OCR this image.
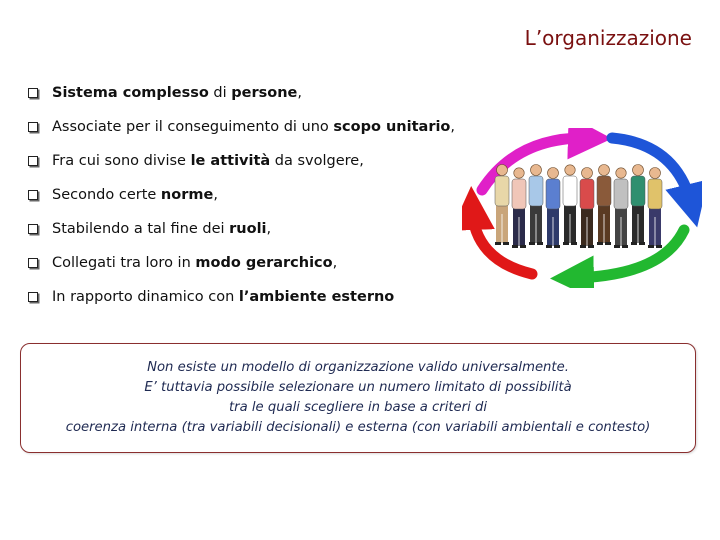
L’organizzazione
Sistema complesso di persone,
Associate per il conseguimento di uno scopo unitario,
Fra cui sono divise le attività da svolgere,
Secondo certe norme,
Stabilendo a tal fine dei ruoli,
Collegati tra loro in modo gerarchico,
In rapporto dinamico con l’ambiente esterno
Non esiste un modello di organizzazione valido universalmente.
E’ tuttavia possibile selezionare un numero limitato di possibilità
tra le quali scegliere in base a criteri di
coerenza interna (tra variabili decisionali) e esterna (con variabili ambientali e contesto)
